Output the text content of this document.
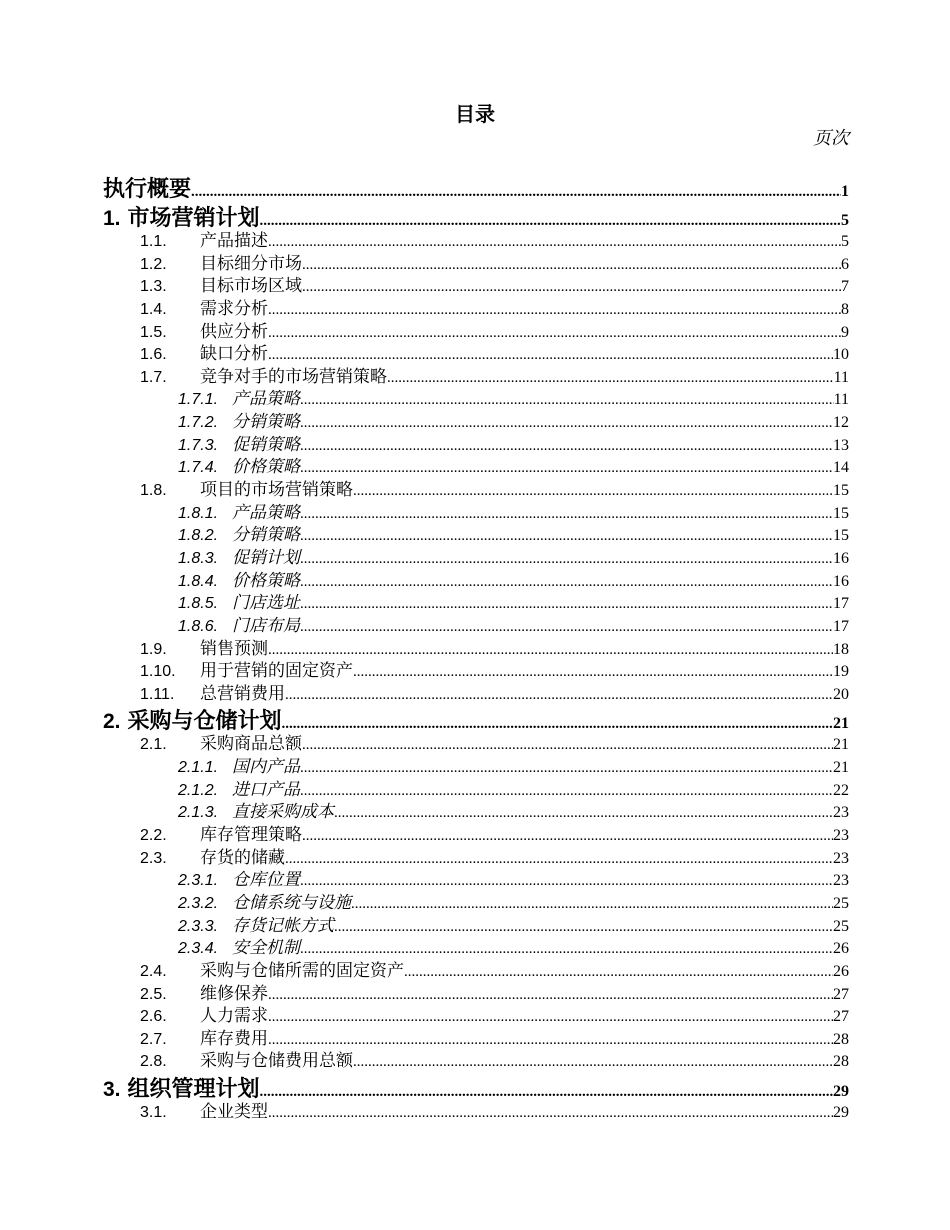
目录
页次
执行概要 .....	1
1. 市场营销计划 .....	5
1.1.	产品描述 .....	5
1.2.	目标细分市场 .....	6
1.3.	目标市场区域 .....	7
1.4.	需求分析 .....	8
1.5.	供应分析 .....	9
1.6.	缺口分析 .....	10
1.7.	竞争对手的市场营销策略 .....	11
1.7.1. 产品策略 .....	11
1.7.2. 分销策略 .....	12
1.7.3. 促销策略 .....	13
1.7.4. 价格策略 .....	14
1.8.	项目的市场营销策略 .....	15
1.8.1. 产品策略 .....	15
1.8.2. 分销策略 .....	15
1.8.3. 促销计划 .....	16
1.8.4. 价格策略 .....	16
1.8.5. 门店选址 .....	17
1.8.6. 门店布局 .....	17
1.9.	销售预测 .....	18
1.10.	用于营销的固定资产 .....	19
1.11.	总营销费用 .....	20
2. 采购与仓储计划 .....	21
2.1.	采购商品总额 .....	21
2.1.1. 国内产品 .....	21
2.1.2. 进口产品 .....	22
2.1.3. 直接采购成本 .....	23
2.2.	库存管理策略 .....	23
2.3.	存货的储藏 .....	23
2.3.1. 仓库位置 .....	23
2.3.2. 仓储系统与设施 .....	25
2.3.3. 存货记帐方式 .....	25
2.3.4. 安全机制 .....	26
2.4.	采购与仓储所需的固定资产 .....	26
2.5.	维修保养 .....	27
2.6.	人力需求 .....	27
2.7.	库存费用 .....	28
2.8.	采购与仓储费用总额 .....	28
3. 组织管理计划 .....	29
3.1.	企业类型 .....	29
